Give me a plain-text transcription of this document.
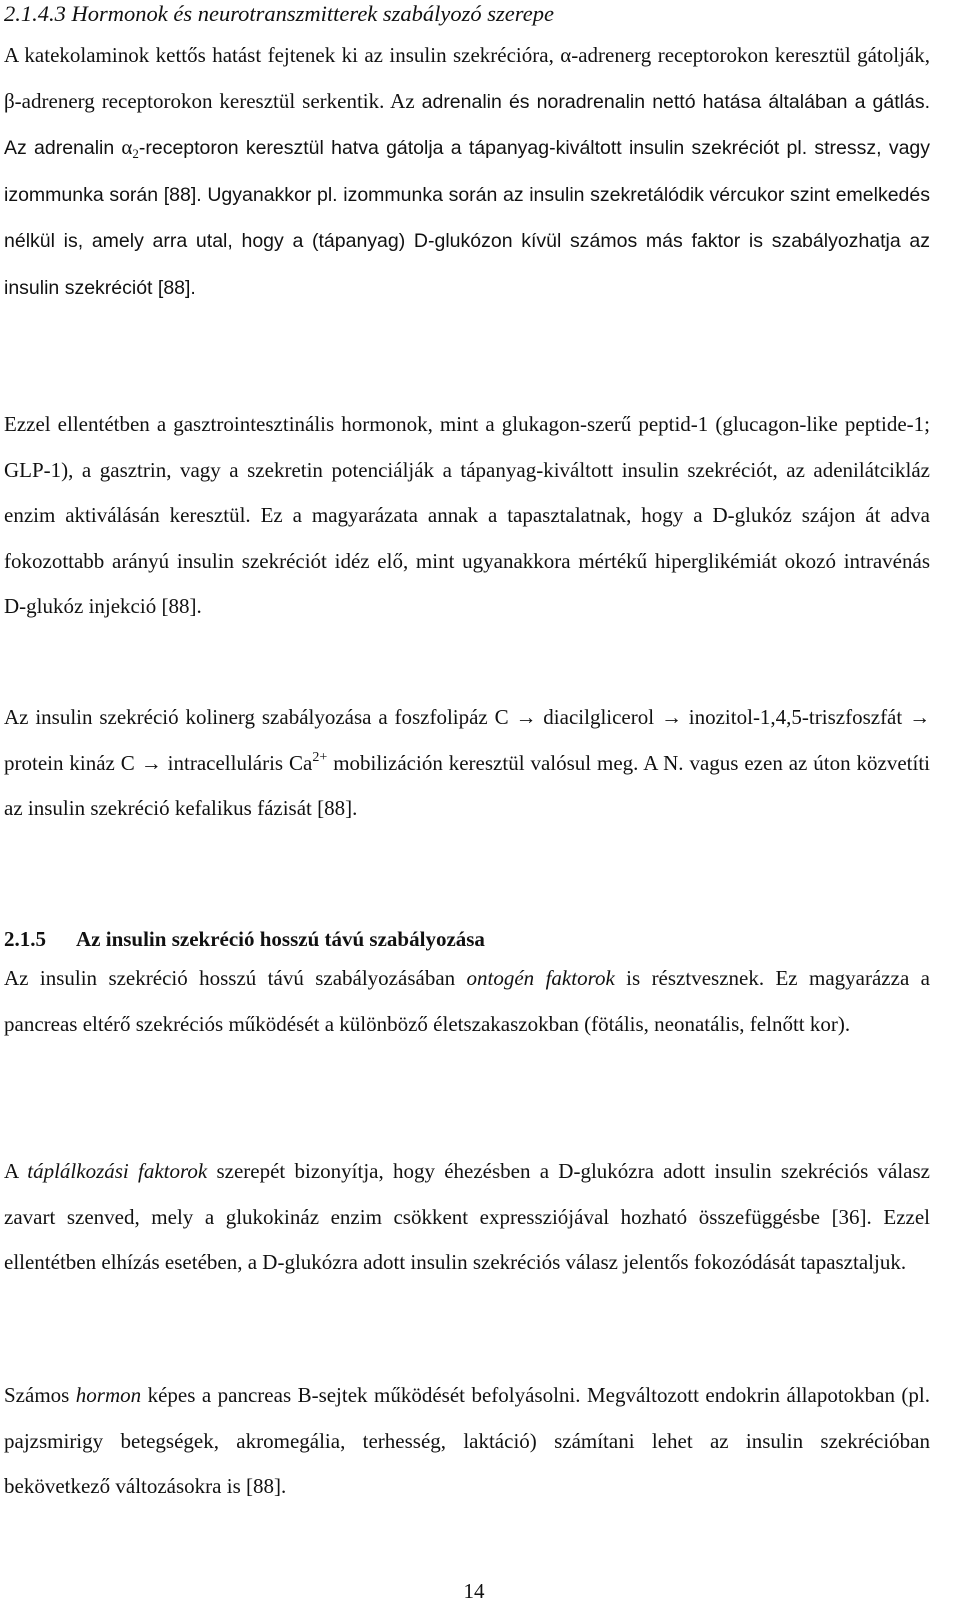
2.1.4.3 Hormonok és neurotranszmitterek szabályozó szerepe
A katekolaminok kettős hatást fejtenek ki az insulin szekrécióra, α-adrenerg receptorokon keresztül gátolják, β-adrenerg receptorokon keresztül serkentik. Az adrenalin és noradrenalin nettó hatása általában a gátlás. Az adrenalin $\alpha_2$-receptoron keresztül hatva gátolja a tápanyag-kiváltott insulin szekréciót pl. stressz, vagy izommunka során [88]. Ugyanakkor pl. izommunka során az insulin szekretálódik vércukor szint emelkedés nélkül is, amely arra utal, hogy a (tápanyag) D-glukózon kívül számos más faktor is szabályozhatja az insulin szekréciót [88].
Ezzel ellentétben a gasztrointesztinális hormonok, mint a glukagon-szerű peptid-1 (glucagon-like peptide-1; GLP-1), a gasztrin, vagy a szekretin potenciálják a tápanyag-kiváltott insulin szekréciót, az adenilátcikláz enzim aktiválásán keresztül. Ez a magyarázata annak a tapasztalatnak, hogy a D-glukóz szájon át adva fokozottabb arányú insulin szekréciót idéz elő, mint ugyanakkora mértékű hiperglikémiát okozó intravénás D-glukóz injekció [88].
Az insulin szekréció kolinerg szabályozása a foszfolipáz C → diacilglicerol → inozitol-1,4,5-triszfoszfát → protein kináz C → intracelluláris $Ca^{2+}$ mobilizáción keresztül valósul meg. A N. vagus ezen az úton közvetíti az insulin szekréció kefalikus fázisát [88].
2.1.5 Az insulin szekréció hosszú távú szabályozása
Az insulin szekréció hosszú távú szabályozásában ontogén faktorok is résztvesznek. Ez magyarázza a pancreas eltérő szekréciós működését a különböző életszakaszokban (fötális, neonatális, felnőtt kor).
A táplálkozási faktorok szerepét bizonyítja, hogy éhezésben a D-glukózra adott insulin szekréciós válasz zavart szenved, mely a glukokináz enzim csökkent expressziójával hozható összefüggésbe [36]. Ezzel ellentétben elhízás esetében, a D-glukózra adott insulin szekréciós válasz jelentős fokozódását tapasztaljuk.
Számos hormon képes a pancreas B-sejtek működését befolyásolni. Megváltozott endokrin állapotokban (pl. pajzsmirigy betegségek, akromegália, terhesség, laktáció) számítani lehet az insulin szekrécióban bekövetkező változásokra is [88].
14
